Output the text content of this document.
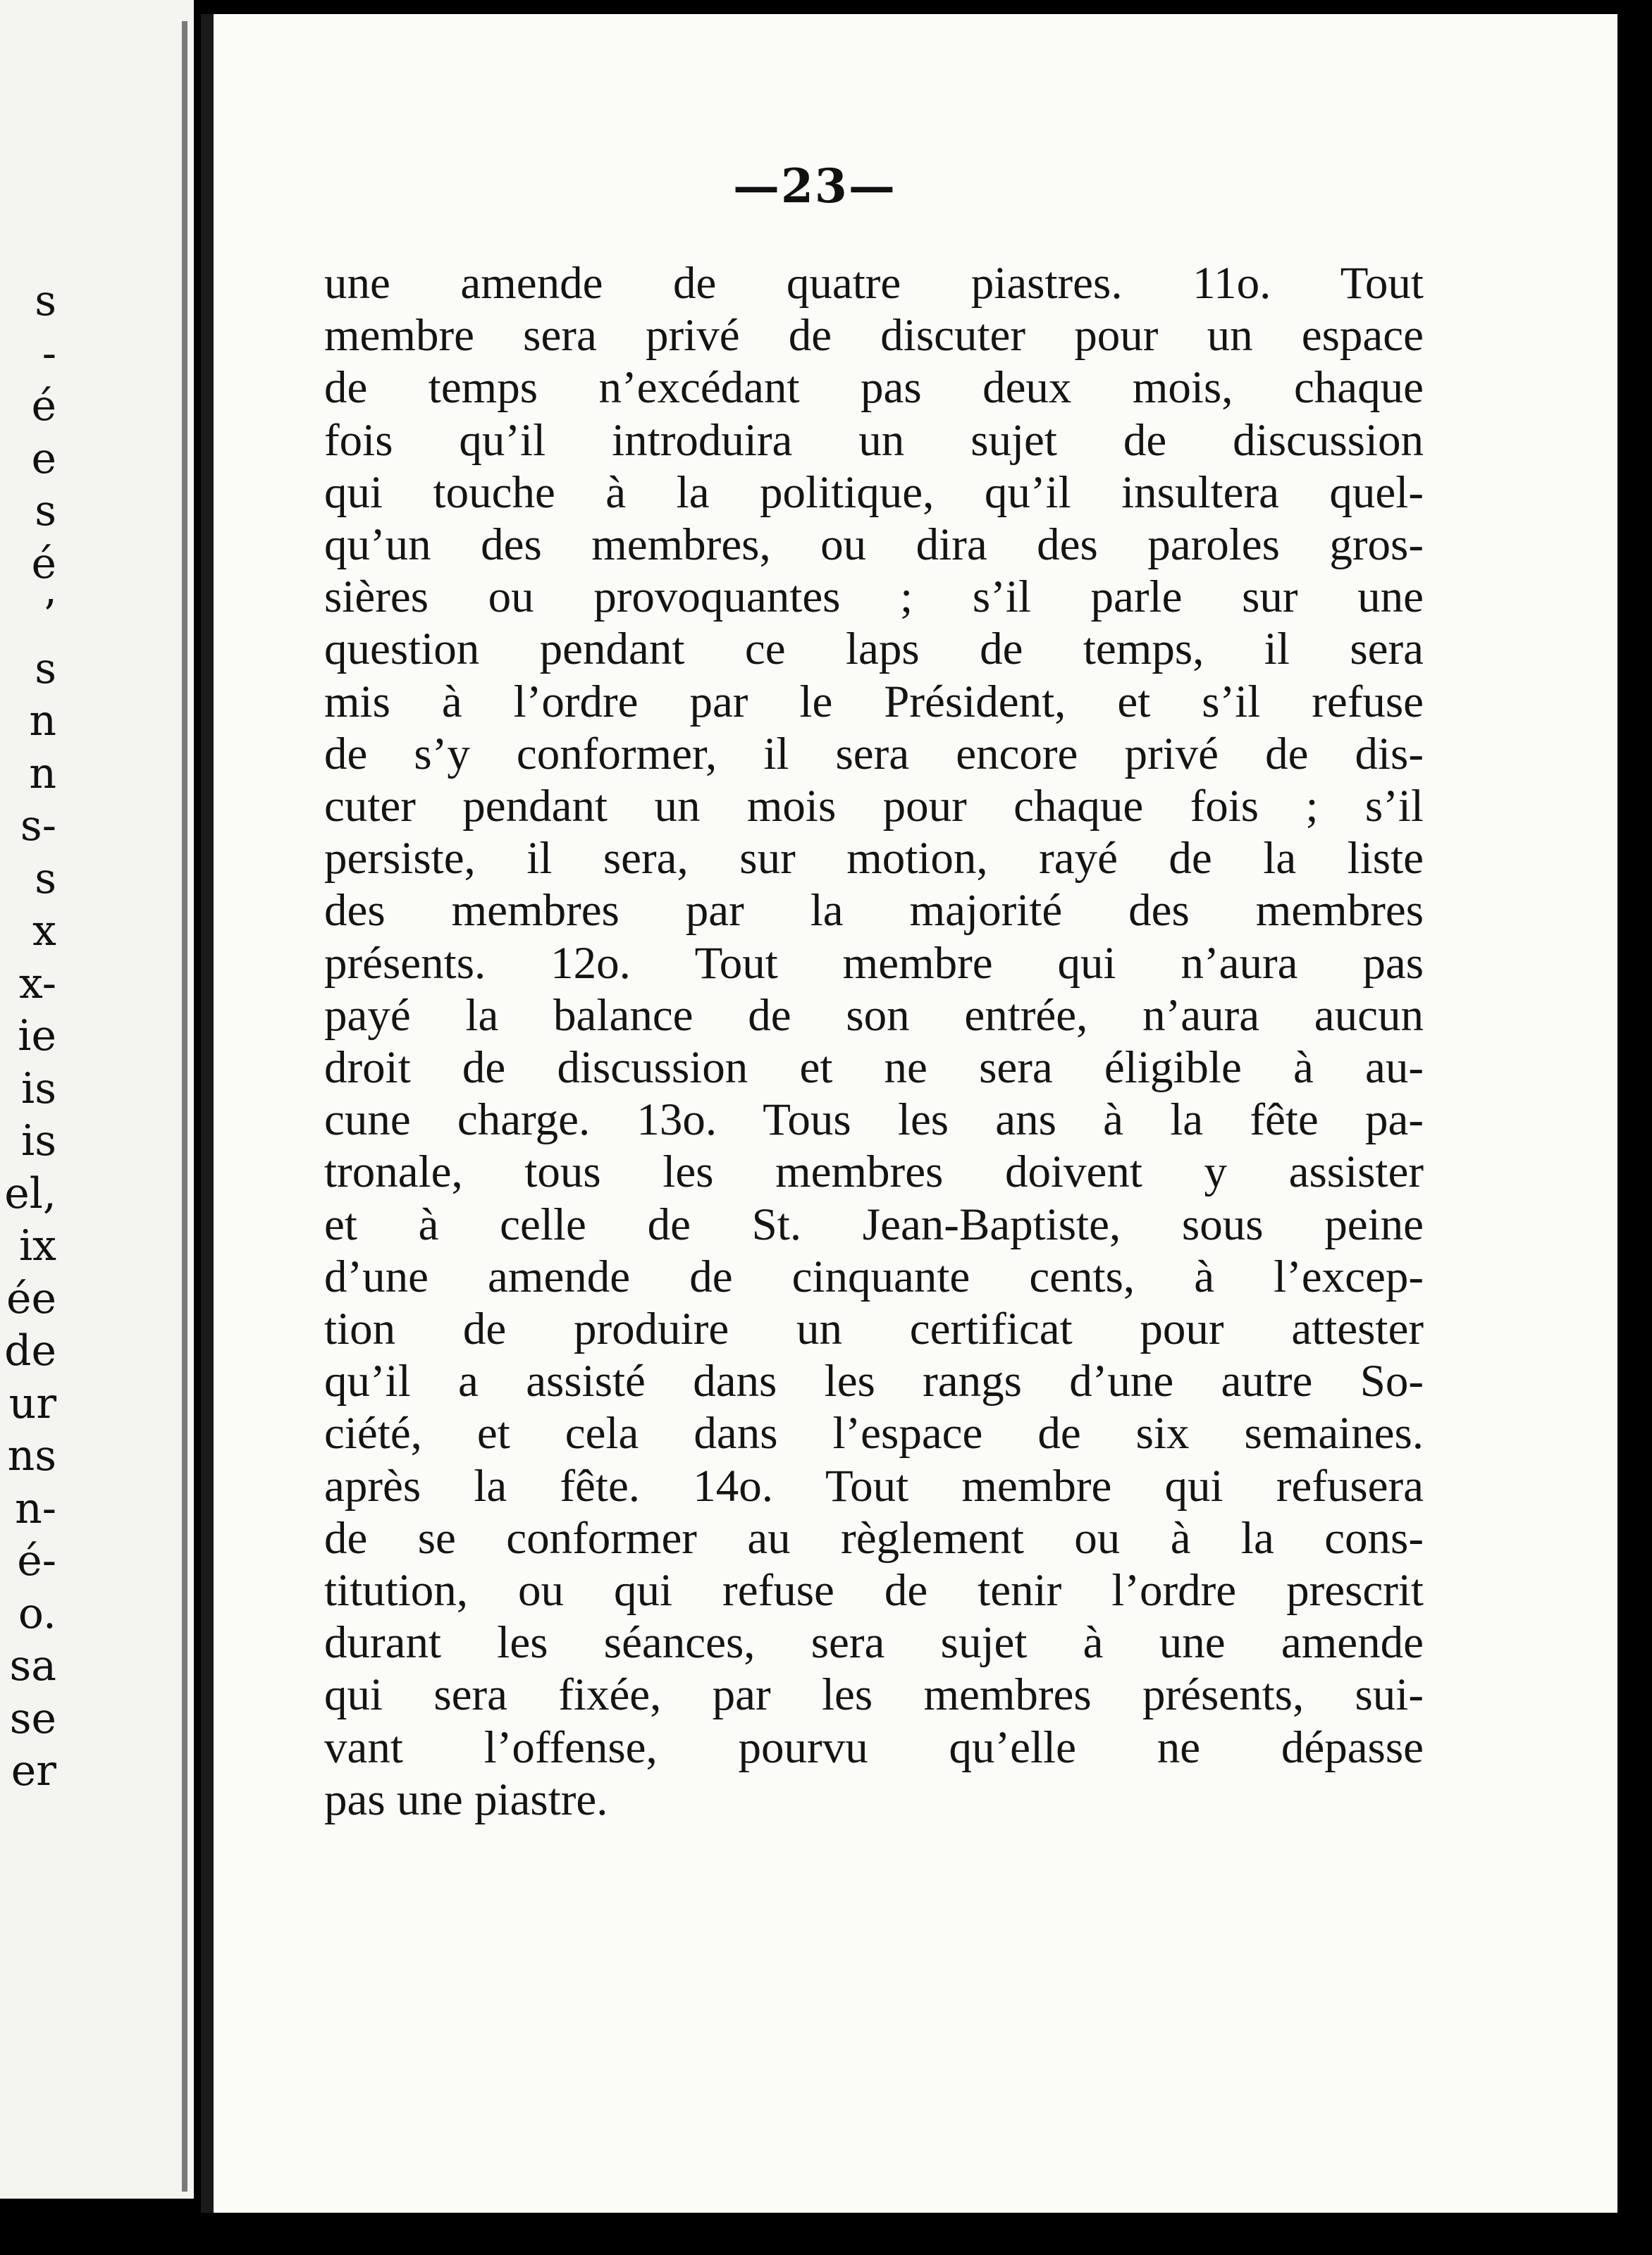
s
-
é
e
s
é
’
s
n
n
s-
s
x
x-
ie
is
is
el,
ix
ée
de
ur
ns
n-
é-
o.
sa
se
er
—23—
une amende de quatre piastres. 11o. Tout
membre sera privé de discuter pour un espace
de temps n’excédant pas deux mois, chaque
fois qu’il introduira un sujet de discussion
qui touche à la politique, qu’il insultera quel-
qu’un des membres, ou dira des paroles gros-
sières ou provoquantes ; s’il parle sur une
question pendant ce laps de temps, il sera
mis à l’ordre par le Président, et s’il refuse
de s’y conformer, il sera encore privé de dis-
cuter pendant un mois pour chaque fois ; s’il
persiste, il sera, sur motion, rayé de la liste
des membres par la majorité des membres
présents. 12o. Tout membre qui n’aura pas
payé la balance de son entrée, n’aura aucun
droit de discussion et ne sera éligible à au-
cune charge. 13o. Tous les ans à la fête pa-
tronale, tous les membres doivent y assister
et à celle de St. Jean-Baptiste, sous peine
d’une amende de cinquante cents, à l’excep-
tion de produire un certificat pour attester
qu’il a assisté dans les rangs d’une autre So-
ciété, et cela dans l’espace de six semaines.
après la fête. 14o. Tout membre qui refusera
de se conformer au règlement ou à la cons-
titution, ou qui refuse de tenir l’ordre prescrit
durant les séances, sera sujet à une amende
qui sera fixée, par les membres présents, sui-
vant l’offense, pourvu qu’elle ne dépasse
pas une piastre.
